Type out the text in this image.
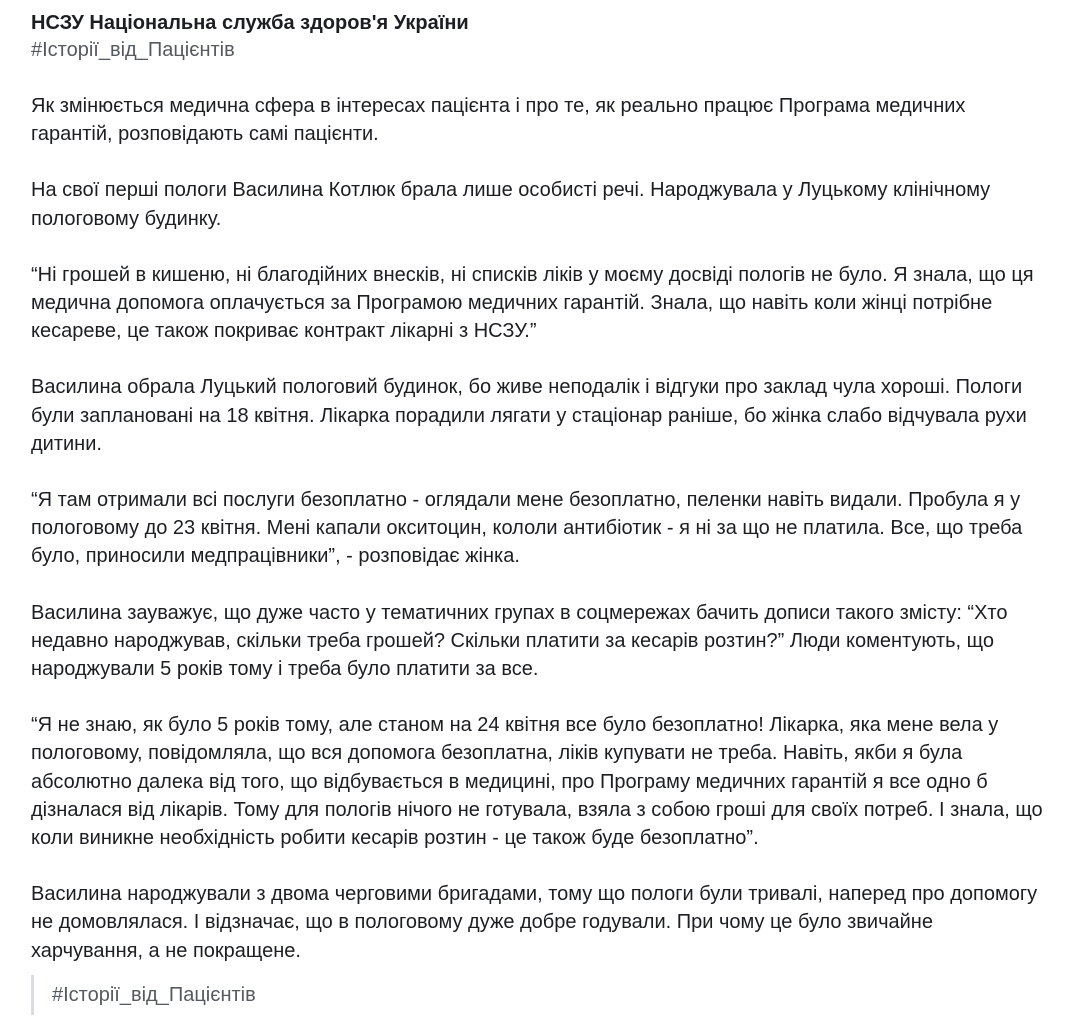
НСЗУ Національна служба здоров'я України
#Історії_від_Пацієнтів

Як змінюється медична сфера в інтересах пацієнта і про те, як реально працює Програма медичних гарантій, розповідають самі пацієнти.

На свої перші пологи Василина Котлюк брала лише особисті речі. Народжувала у Луцькому клінічному пологовому будинку.

“Ні грошей в кишеню, ні благодійних внесків, ні списків ліків у моєму досвіді пологів не було. Я знала, що ця медична допомога оплачується за Програмою медичних гарантій. Знала, що навіть коли жінці потрібне кесареве, це також покриває контракт лікарні з НСЗУ.”

Василина обрала Луцький пологовий будинок, бо живе неподалік і відгуки про заклад чула хороші. Пологи були заплановані на 18 квітня. Лікарка порадили лягати у стаціонар раніше, бо жінка слабо відчувала рухи дитини.

“Я там отримали всі послуги безоплатно - оглядали мене безоплатно, пеленки навіть видали. Пробула я у пологовому до 23 квітня. Мені капали окситоцин, кололи антибіотик - я ні за що не платила. Все, що треба було, приносили медпрацівники”, - розповідає жінка.

Василина зауважує, що дуже часто у тематичних групах в соцмережах бачить дописи такого змісту: “Хто недавно народжував, скільки треба грошей? Скільки платити за кесарів розтин?” Люди коментують, що народжували 5 років тому і треба було платити за все.

“Я не знаю, як було 5 років тому, але станом на 24 квітня все було безоплатно! Лікарка, яка мене вела у пологовому, повідомляла, що вся допомога безоплатна, ліків купувати не треба. Навіть, якби я була абсолютно далека від того, що відбувається в медицині, про Програму медичних гарантій я все одно б дізналася від лікарів. Тому для пологів нічого не готувала, взяла з собою гроші для своїх потреб. І знала, що коли виникне необхідність робити кесарів розтин - це також буде безоплатно”.

Василина народжували з двома черговими бригадами, тому що пологи були тривалі, наперед про допомогу не домовлялася. І відзначає, що в пологовому дуже добре годували. При чому це було звичайне харчування, а не покращене.

#Історії_від_Пацієнтів
